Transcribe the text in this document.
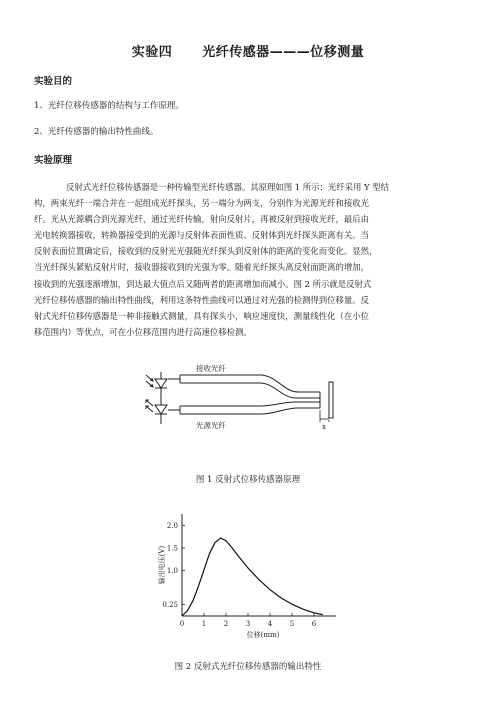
实验四 光纤传感器———位移测量
实验目的
1、光纤位移传感器的结构与工作原理。
2、光纤传感器的输出特性曲线。
实验原理
反射式光纤位移传感器是一种传输型光纤传感器。其原理如图 1 所示：光纤采用 Y 型结
构，两束光纤一端合并在一起组成光纤探头，另一端分为两支，分别作为光源光纤和接收光
纤。光从光源耦合到光源光纤，通过光纤传输，射向反射片，再被反射到接收光纤，最后由
光电转换器接收，转换器接受到的光源与反射体表面性质、反射体到光纤探头距离有关。当
反射表面位置确定后，接收到的反射光光强随光纤探头到反射体的距离的变化而变化。显然，
当光纤探头紧贴反射片时，接收器接收到的光强为零。随着光纤探头离反射面距离的增加，
接收到的光强逐渐增加，到达最大值点后又随两者的距离增加而减小。图 2 所示就是反射式
光纤位移传感器的输出特性曲线，利用这条特性曲线可以通过对光强的检测得到位移量。反
射式光纤位移传感器是一种非接触式测量，具有探头小，响应速度快，测量线性化（在小位
移范围内）等优点，可在小位移范围内进行高速位移检测。
接收光纤
光源光纤	x
图 1 反射式位移传感器原理
0	1	2	3	4	5	6
0.25
1.0
1.5
2.0
位移(mm)
输出电压(V)
图 2 反射式光纤位移传感器的输出特性
